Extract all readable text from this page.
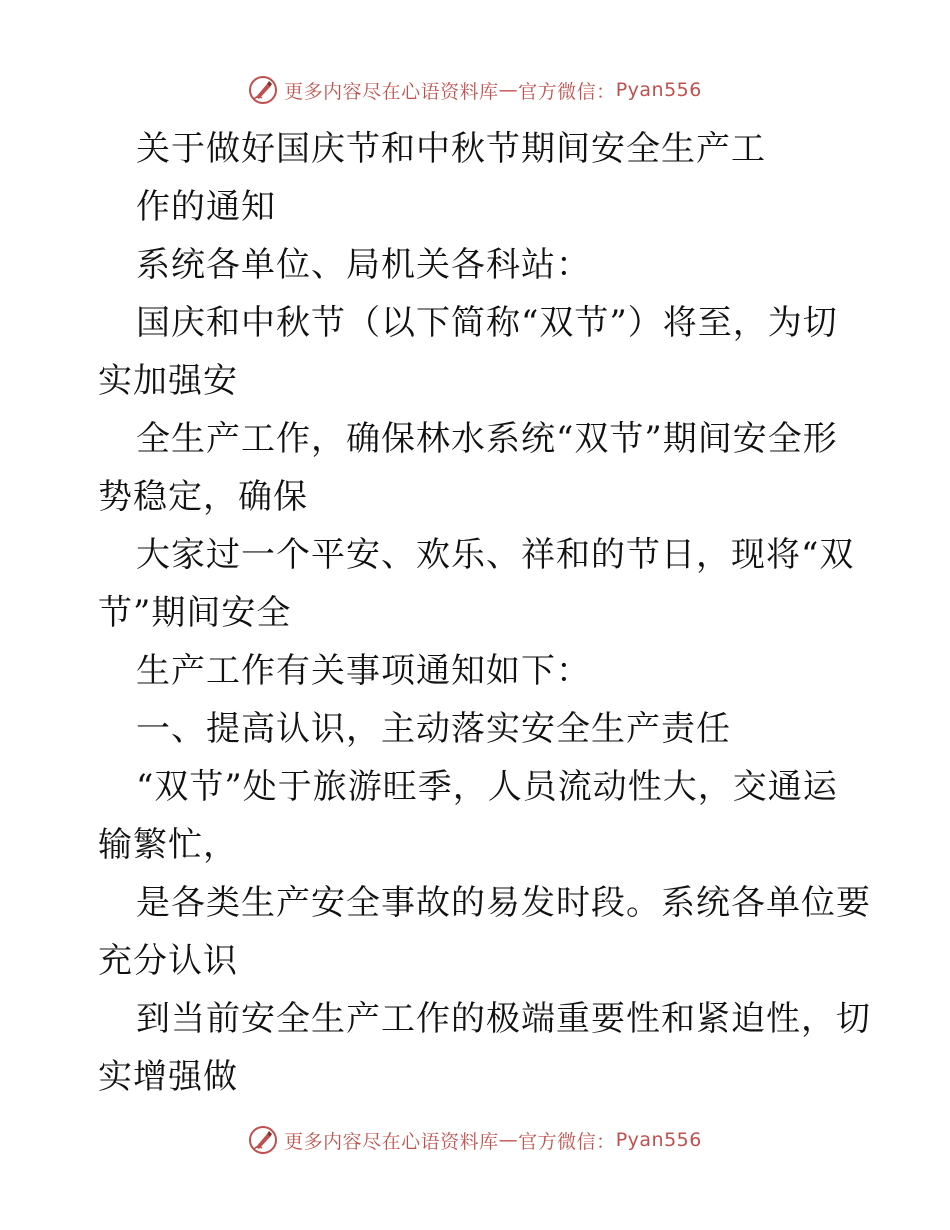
更多内容尽在心语资料库 — 官方微信： Pyan556
关于做好国庆节和中秋节期间安全生产工
作的通知
系统各单位、局机关各科站：
国庆和中秋节（以下简称“双节”）将至，为切
实加强安
全生产工作，确保林水系统“双节”期间安全形
势稳定，确保
大家过一个平安、欢乐、祥和的节日，现将“双
节”期间安全
生产工作有关事项通知如下：
一、提高认识，主动落实安全生产责任
“双节”处于旅游旺季，人员流动性大，交通运
输繁忙，
是各类生产安全事故的易发时段。系统各单位要
充分认识
到当前安全生产工作的极端重要性和紧迫性，切
实增强做
更多内容尽在心语资料库 — 官方微信： Pyan556
